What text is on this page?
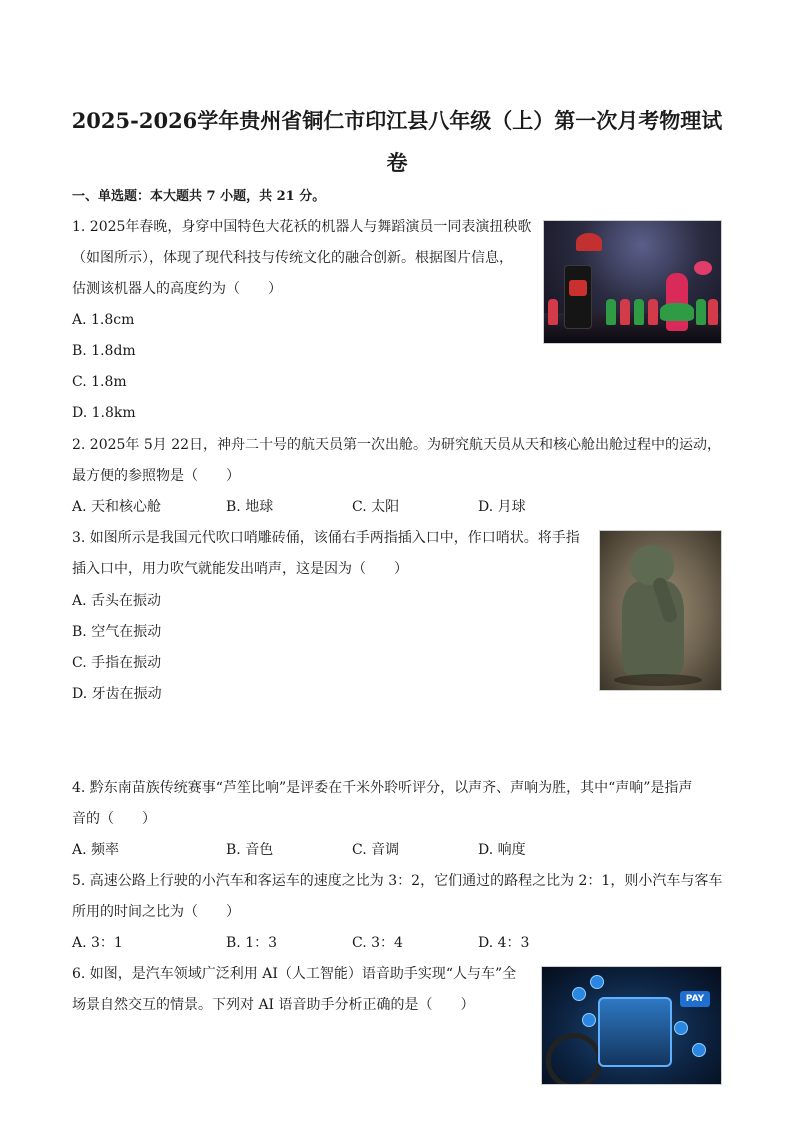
2025-2026学年贵州省铜仁市印江县八年级（上）第一次月考物理试
卷
一、单选题：本大题共 7 小题，共 21 分。
1. 2025年春晚，身穿中国特色大花袄的机器人与舞蹈演员一同表演扭秧歌
（如图所示），体现了现代科技与传统文化的融合创新。根据图片信息，
估测该机器人的高度约为（　　）
A. 1.8cm
B. 1.8dm
C. 1.8m
D. 1.8km
2. 2025年 5月 22日，神舟二十号的航天员第一次出舱。为研究航天员从天和核心舱出舱过程中的运动，
最方便的参照物是（　　）
A. 天和核心舱	B. 地球	C. 太阳	D. 月球
3. 如图所示是我国元代吹口哨雕砖俑，该俑右手两指插入口中，作口哨状。将手指
插入口中，用力吹气就能发出哨声，这是因为（　　）
A. 舌头在振动
B. 空气在振动
C. 手指在振动
D. 牙齿在振动
4. 黔东南苗族传统赛事“芦笙比响”是评委在千米外聆听评分，以声齐、声响为胜，其中“声响”是指声
音的（　　）
A. 频率	B. 音色	C. 音调	D. 响度
5. 高速公路上行驶的小汽车和客运车的速度之比为 3：2，它们通过的路程之比为 2：1，则小汽车与客车
所用的时间之比为（　　）
A. 3：1	B. 1：3	C. 3：4	D. 4：3
6. 如图，是汽车领域广泛利用 AI（人工智能）语音助手实现“人与车”全
场景自然交互的情景。下列对 AI 语音助手分析正确的是（　　）	PAY
